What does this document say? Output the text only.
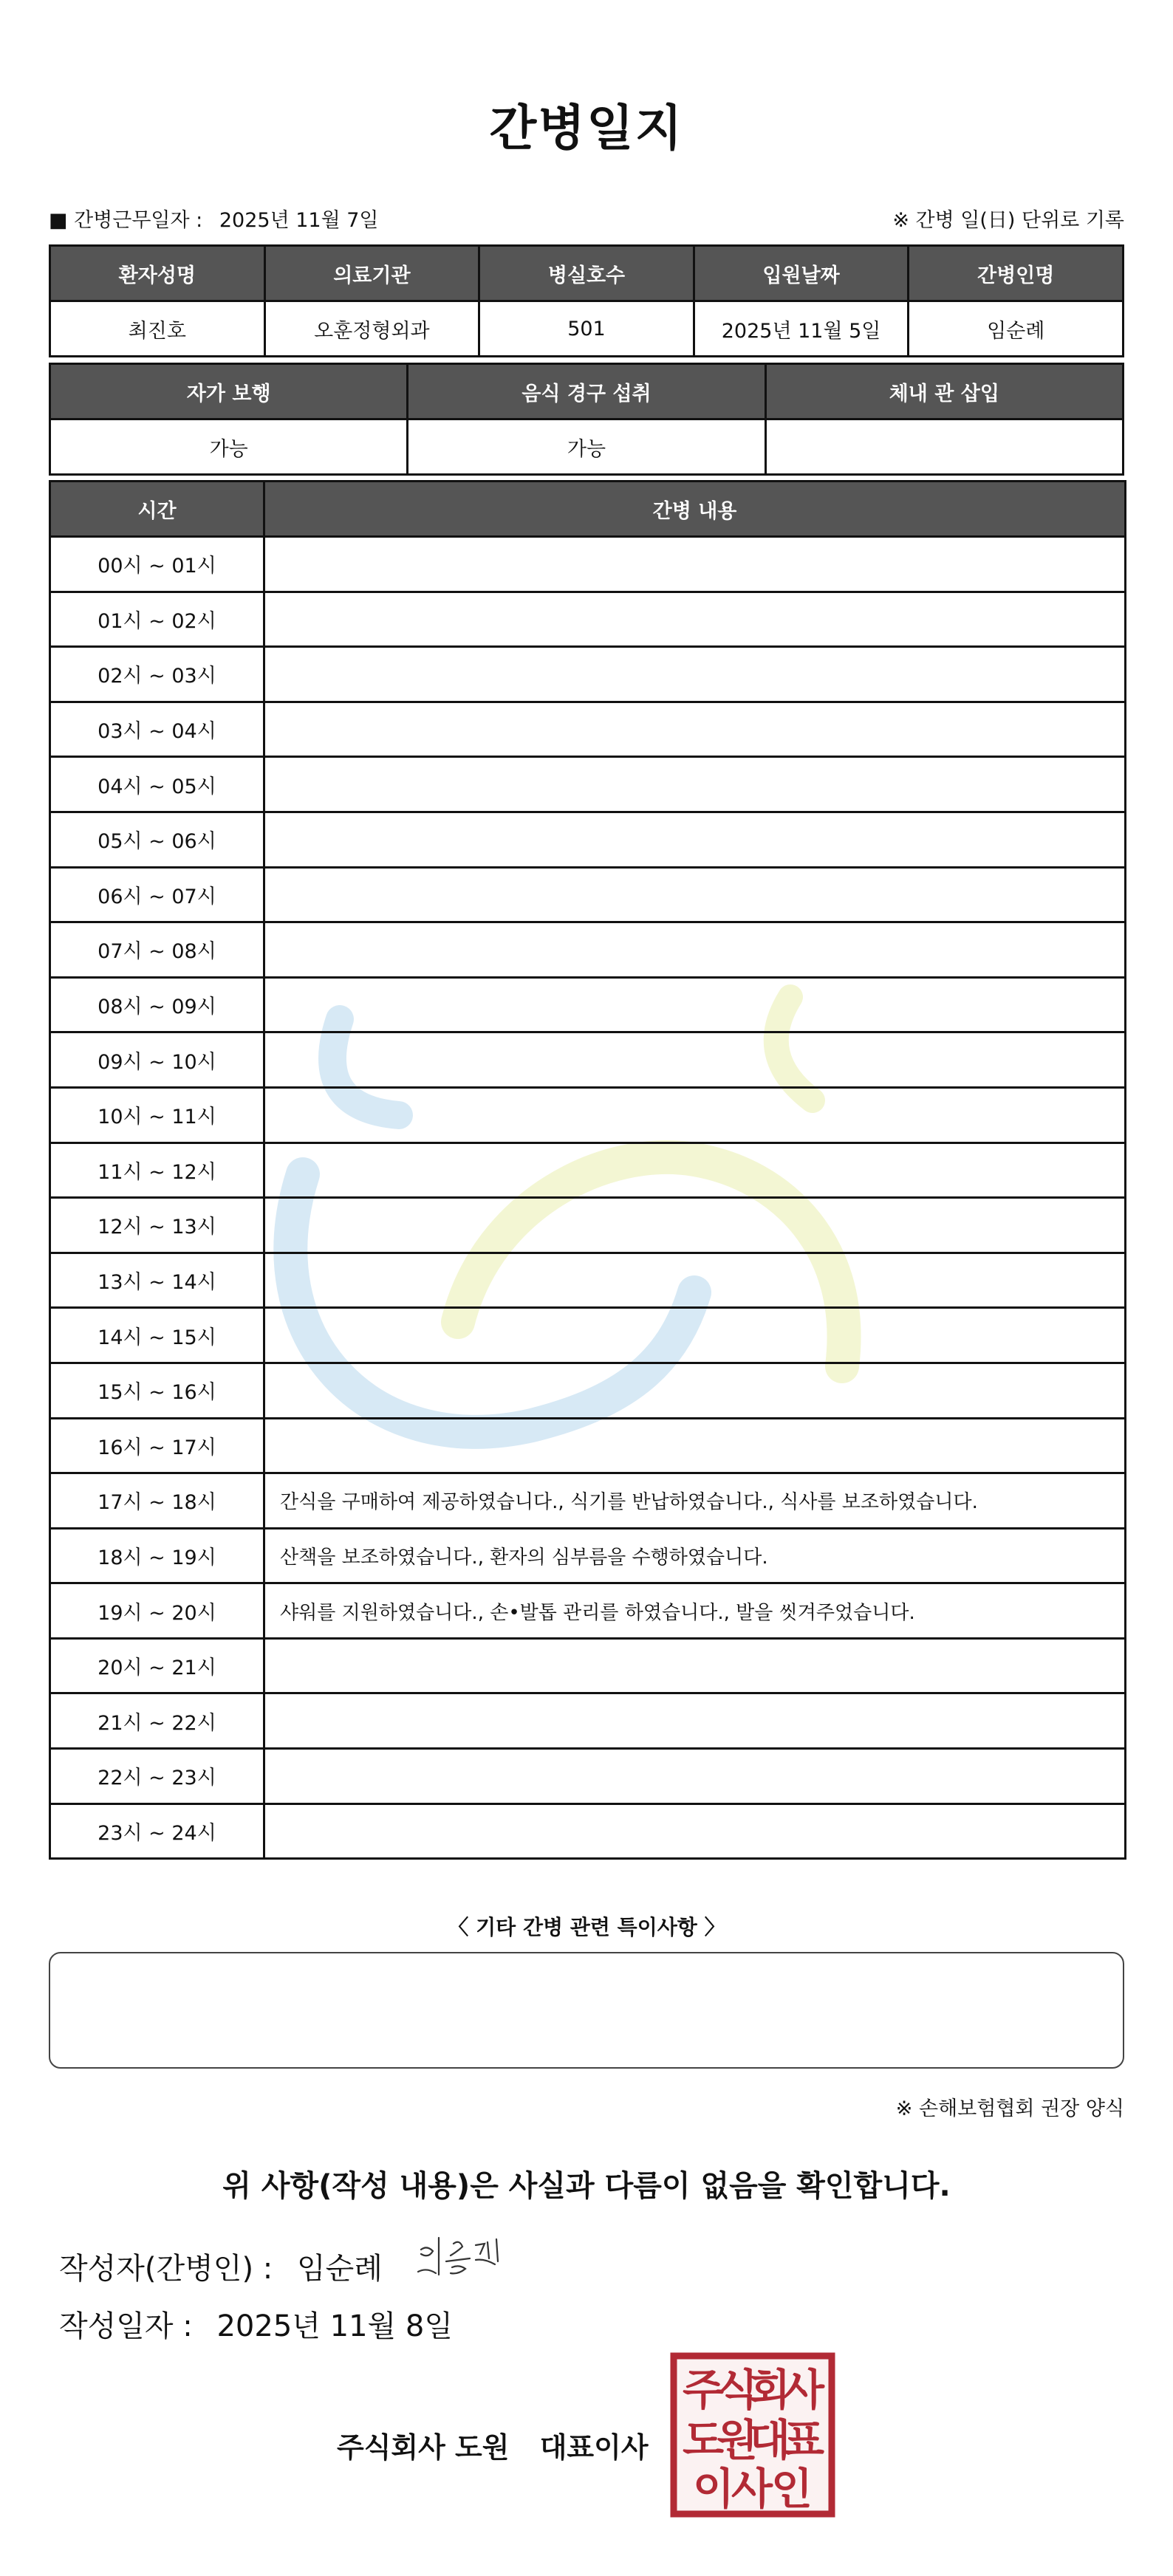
간병일지
■ 간병근무일자 : 2025년 11월 7일	※ 간병 일(日) 단위로 기록
환자성명	의료기관	병실호수	입원날짜	간병인명
최진호	오훈정형외과	501	2025년 11월 5일	임순례
자가 보행	음식 경구 섭취	체내 관 삽입
가능	가능	
시간	간병 내용
00시 ~ 01시	
01시 ~ 02시	
02시 ~ 03시	
03시 ~ 04시	
04시 ~ 05시	
05시 ~ 06시	
06시 ~ 07시	
07시 ~ 08시	
08시 ~ 09시	
09시 ~ 10시	
10시 ~ 11시	
11시 ~ 12시	
12시 ~ 13시	
13시 ~ 14시	
14시 ~ 15시	
15시 ~ 16시	
16시 ~ 17시	
17시 ~ 18시	간식을 구매하여 제공하였습니다., 식기를 반납하였습니다., 식사를 보조하였습니다.
18시 ~ 19시	산책을 보조하였습니다., 환자의 심부름을 수행하였습니다.
19시 ~ 20시	샤워를 지원하였습니다., 손•발톱 관리를 하였습니다., 발을 씻겨주었습니다.
20시 ~ 21시	
21시 ~ 22시	
22시 ~ 23시	
23시 ~ 24시	
〈 기타 간병 관련 특이사항 〉
※ 손해보험협회 권장 양식
위 사항(작성 내용)은 사실과 다름이 없음을 확인합니다.
작성자(간병인) : 임순례
작성일자 : 2025년 11월 8일
주식회사 도원 대표이사
주
식
회
사
도
원
대
표
이
사
인
